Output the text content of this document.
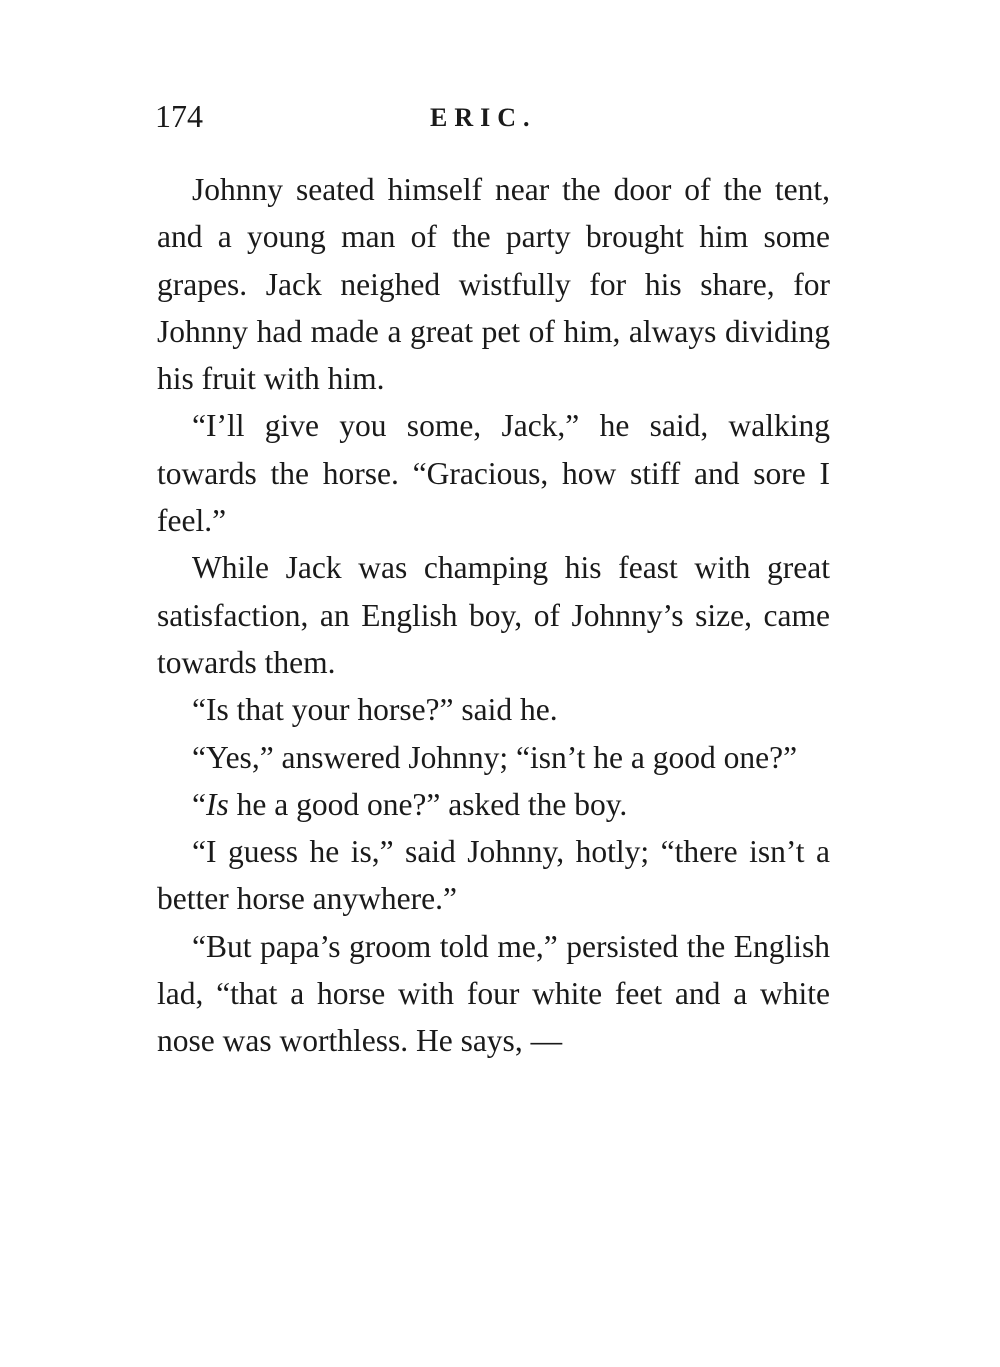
174	ERIC.

Johnny seated himself near the door of the tent, and a young man of the party brought him some grapes. Jack neighed wistfully for his share, for Johnny had made a great pet of him, always dividing his fruit with him.

“I’ll give you some, Jack,” he said, walking towards the horse. “Gracious, how stiff and sore I feel.”

While Jack was champing his feast with great satisfaction, an English boy, of Johnny’s size, came towards them.

“Is that your horse?” said he.

“Yes,” answered Johnny; “isn’t he a good one?”

“Is he a good one?” asked the boy.

“I guess he is,” said Johnny, hotly; “there isn’t a better horse anywhere.”

“But papa’s groom told me,” persisted the English lad, “that a horse with four white feet and a white nose was worthless. He says, —
